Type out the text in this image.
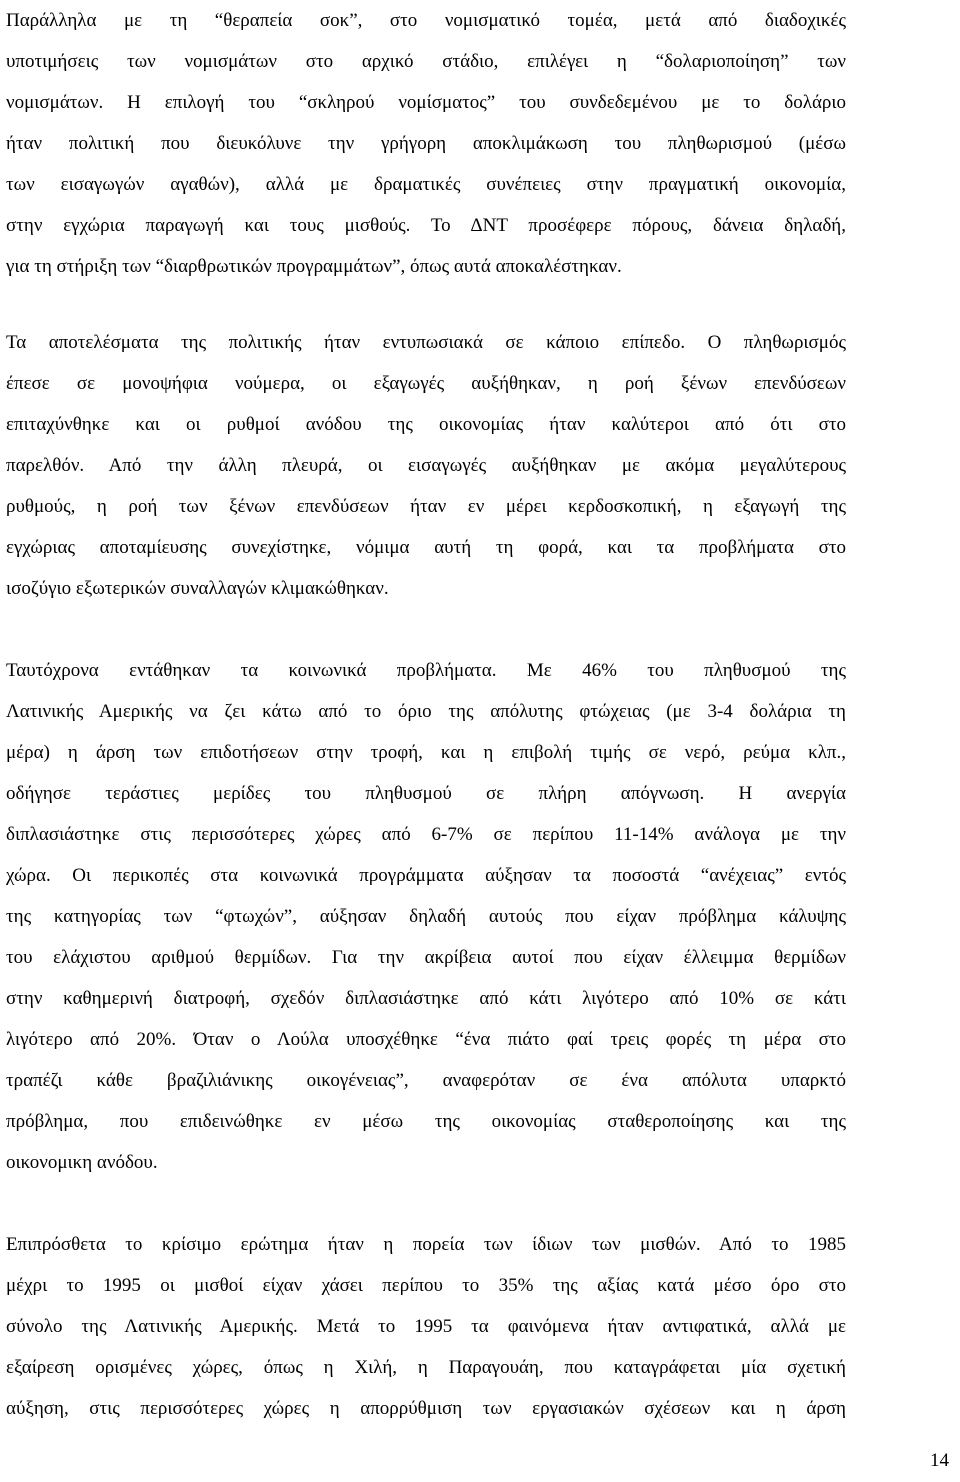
Παράλληλα με τη “θεραπεία σοκ”, στο νομισματικό τομέα, μετά από διαδοχικές
υποτιμήσεις των νομισμάτων στο αρχικό στάδιο, επιλέγει η “δολαριοποίηση” των
νομισμάτων. Η επιλογή του “σκληρού νομίσματος” του συνδεδεμένου με το δολάριο
ήταν πολιτική που διευκόλυνε την γρήγορη αποκλιμάκωση του πληθωρισμού (μέσω
των εισαγωγών αγαθών), αλλά με δραματικές συνέπειες στην πραγματική οικονομία,
στην εγχώρια παραγωγή και τους μισθούς. Το ΔΝΤ προσέφερε πόρους, δάνεια δηλαδή,
για τη στήριξη των “διαρθρωτικών προγραμμάτων”, όπως αυτά αποκαλέστηκαν.
Τα αποτελέσματα της πολιτικής ήταν εντυπωσιακά σε κάποιο επίπεδο. Ο πληθωρισμός
έπεσε σε μονοψήφια νούμερα, οι εξαγωγές αυξήθηκαν, η ροή ξένων επενδύσεων
επιταχύνθηκε και οι ρυθμοί ανόδου της οικονομίας ήταν καλύτεροι από ότι στο
παρελθόν. Από την άλλη πλευρά, οι εισαγωγές αυξήθηκαν με ακόμα μεγαλύτερους
ρυθμούς, η ροή των ξένων επενδύσεων ήταν εν μέρει κερδοσκοπική, η εξαγωγή της
εγχώριας αποταμίευσης συνεχίστηκε, νόμιμα αυτή τη φορά, και τα προβλήματα στο
ισοζύγιο εξωτερικών συναλλαγών κλιμακώθηκαν.
Ταυτόχρονα εντάθηκαν τα κοινωνικά προβλήματα. Με 46% του πληθυσμού της
Λατινικής Αμερικής να ζει κάτω από το όριο της απόλυτης φτώχειας (με 3-4 δολάρια τη
μέρα) η άρση των επιδοτήσεων στην τροφή, και η επιβολή τιμής σε νερό, ρεύμα κλπ.,
οδήγησε τεράστιες μερίδες του πληθυσμού σε πλήρη απόγνωση. Η ανεργία
διπλασιάστηκε στις περισσότερες χώρες από 6-7% σε περίπου 11-14% ανάλογα με την
χώρα. Οι περικοπές στα κοινωνικά προγράμματα αύξησαν τα ποσοστά “ανέχειας” εντός
της κατηγορίας των “φτωχών”, αύξησαν δηλαδή αυτούς που είχαν πρόβλημα κάλυψης
του ελάχιστου αριθμού θερμίδων. Για την ακρίβεια αυτοί που είχαν έλλειμμα θερμίδων
στην καθημερινή διατροφή, σχεδόν διπλασιάστηκε από κάτι λιγότερο από 10% σε κάτι
λιγότερο από 20%. Όταν ο Λούλα υποσχέθηκε “ένα πιάτο φαί τρεις φορές τη μέρα στο
τραπέζι κάθε βραζιλιάνικης οικογένειας”, αναφερόταν σε ένα απόλυτα υπαρκτό
πρόβλημα, που επιδεινώθηκε εν μέσω της οικονομίας σταθεροποίησης και της
οικονομικη ανόδου.
Επιπρόσθετα το κρίσιμο ερώτημα ήταν η πορεία των ίδιων των μισθών. Από το 1985
μέχρι το 1995 οι μισθοί είχαν χάσει περίπου το 35% της αξίας κατά μέσο όρο στο
σύνολο της Λατινικής Αμερικής. Μετά το 1995 τα φαινόμενα ήταν αντιφατικά, αλλά με
εξαίρεση ορισμένες χώρες, όπως η Χιλή, η Παραγουάη, που καταγράφεται μία σχετική
αύξηση, στις περισσότερες χώρες η απορρύθμιση των εργασιακών σχέσεων και η άρση
14
